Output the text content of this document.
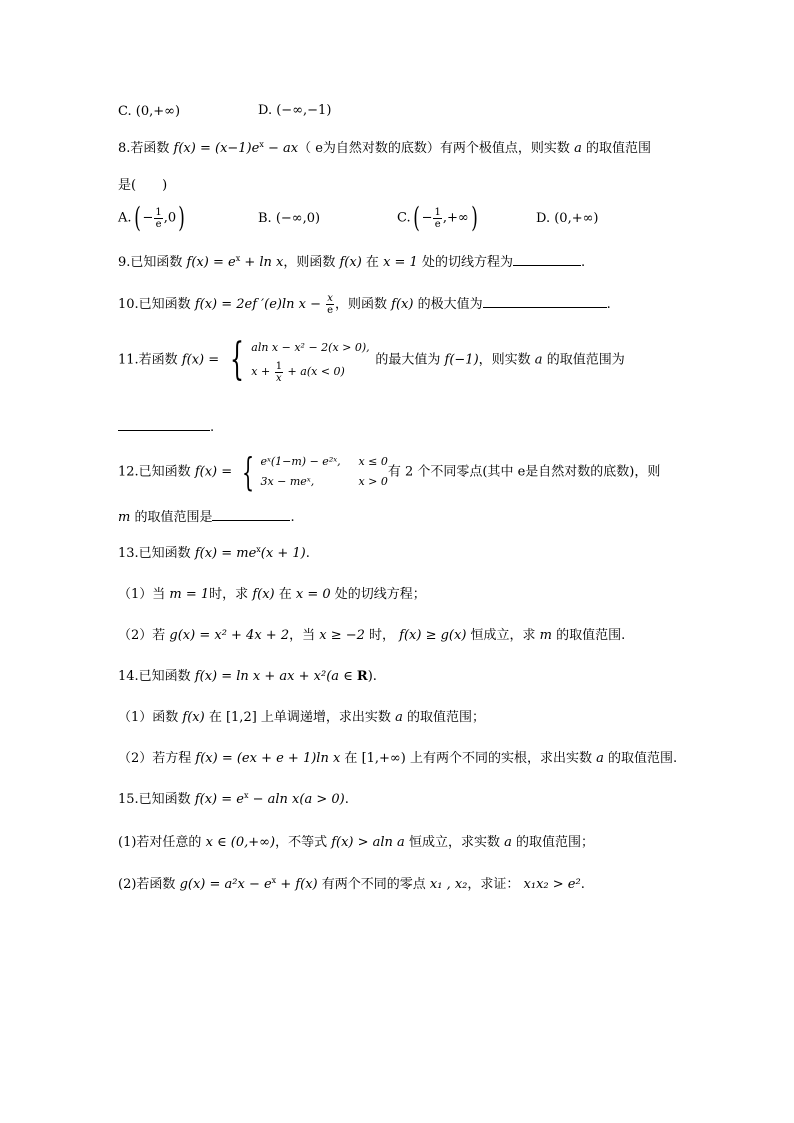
C. (0,+∞)	D. (−∞,−1)
8.若函数 $f(x) = (x-1)e^x - ax$（ e为自然对数的底数）有两个极值点，则实数 a 的取值范围
是(　　)
$A.( - \frac{1}{e} ,0)$	B. (−∞,0)	$C.( - \frac{1}{e}$ ,+∞)	D. (0,+∞)
9.已知函数 $f(x) = e^x + \ln x$，则函数 f(x) 在 x = 1 处的切线方程为	.
10.已知函数 f(x) = 2ef ′(e)ln $x - \frac{x}{e}$ ，则函数 f(x) 的极大值为	.
11.若函数 f(x) = { aln x − x² − 2(x > 0),
$x + \frac{1}{x} + a(x < 0)$
的最大值为 f(−1)，则实数 a 的取值范围为
.
12.已知函数 f(x) = { eˣ(1−m) − e²ˣ, x ≤ 0
3x − meˣ,	x > 0
有 2 个不同零点(其中 e是自然对数的底数)，则
m 的取值范围是	.
13.已知函数 $f(x) = me^x(x + 1)$.
（1）当 m = 1时，求 f(x) 在 x = 0 处的切线方程；
（2）若 g(x) = x² + 4x + 2，当 x ≥ −2 时， f(x) ≥ g(x) 恒成立，求 m 的取值范围.
14.已知函数 f(x) = ln x + ax + x²(a ∈ R).
（1）函数 f(x) 在 [1,2] 上单调递增，求出实数 a 的取值范围；
（2）若方程 f(x) = (ex + e + 1)ln x 在 [1,+∞) 上有两个不同的实根，求出实数 a 的取值范围.
15.已知函数 $f(x) = e^x - aln$ x(a > 0).
(1)若对任意的 x ∈ (0,+∞)，不等式 f(x) > aln a 恒成立，求实数 a 的取值范围；
(2)若函数 $g(x) = a^2x - e^x + f(x)$ 有两个不同的零点 x₁ , x₂，求证： x₁x₂ > e².
